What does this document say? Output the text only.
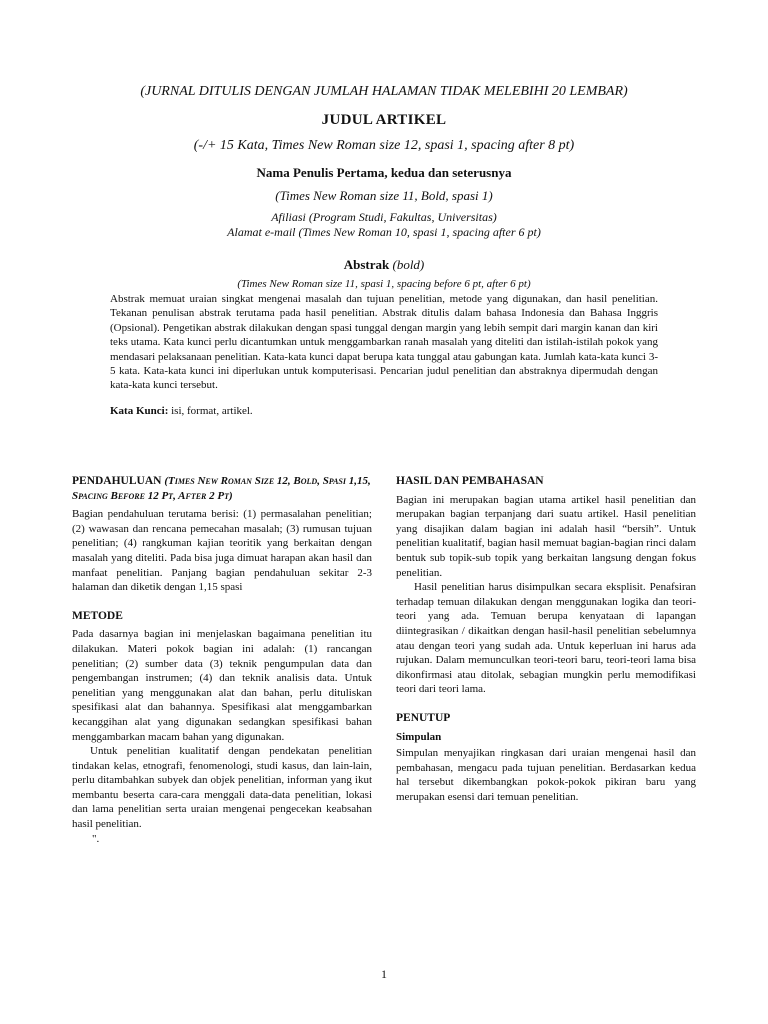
(JURNAL DITULIS DENGAN JUMLAH HALAMAN TIDAK MELEBIHI 20 LEMBAR)
JUDUL ARTIKEL
(-/+ 15 Kata, Times New Roman size 12, spasi 1, spacing after 8 pt)
Nama Penulis Pertama, kedua dan seterusnya
(Times New Roman size 11, Bold, spasi 1)
Afiliasi (Program Studi, Fakultas, Universitas)
Alamat e-mail (Times New Roman 10, spasi 1, spacing after 6 pt)
Abstrak (bold)
(Times New Roman size 11, spasi 1, spacing before 6 pt, after 6 pt)

Abstrak memuat uraian singkat mengenai masalah dan tujuan penelitian, metode yang digunakan, dan hasil penelitian. Tekanan penulisan abstrak terutama pada hasil penelitian. Abstrak ditulis dalam bahasa Indonesia dan Bahasa Inggris (Opsional). Pengetikan abstrak dilakukan dengan spasi tunggal dengan margin yang lebih sempit dari margin kanan dan kiri teks utama. Kata kunci perlu dicantumkan untuk menggambarkan ranah masalah yang diteliti dan istilah-istilah pokok yang mendasari pelaksanaan penelitian. Kata-kata kunci dapat berupa kata tunggal atau gabungan kata. Jumlah kata-kata kunci 3-5 kata. Kata-kata kunci ini diperlukan untuk komputerisasi. Pencarian judul penelitian dan abstraknya dipermudah dengan kata-kata kunci tersebut.

Kata Kunci: isi, format, artikel.
PENDAHULUAN (Times New Roman Size 12, Bold, Spasi 1,15, Spacing Before 12 Pt, After 2 Pt)

Bagian pendahuluan terutama berisi: (1) permasalahan penelitian; (2) wawasan dan rencana pemecahan masalah; (3) rumusan tujuan penelitian; (4) rangkuman kajian teoritik yang berkaitan dengan masalah yang diteliti. Pada bisa juga dimuat harapan akan hasil dan manfaat penelitian. Panjang bagian pendahuluan sekitar 2-3 halaman dan diketik dengan 1,15 spasi

METODE

Pada dasarnya bagian ini menjelaskan bagaimana penelitian itu dilakukan. Materi pokok bagian ini adalah: (1) rancangan penelitian; (2) sumber data (3) teknik pengumpulan data dan pengembangan instrumen; (4) dan teknik analisis data. Untuk penelitian yang menggunakan alat dan bahan, perlu dituliskan spesifikasi alat dan bahannya. Spesifikasi alat menggambarkan kecanggihan alat yang digunakan sedangkan spesifikasi bahan menggambarkan macam bahan yang digunakan.

Untuk penelitian kualitatif dengan pendekatan penelitian tindakan kelas, etnografi, fenomenologi, studi kasus, dan lain-lain, perlu ditambahkan subyek dan objek penelitian, informan yang ikut membantu beserta cara-cara menggali data-data penelitian, lokasi dan lama penelitian serta uraian mengenai pengecekan keabsahan hasil penelitian.

".

HASIL DAN PEMBAHASAN

Bagian ini merupakan bagian utama artikel hasil penelitian dan merupakan bagian terpanjang dari suatu artikel. Hasil penelitian yang disajikan dalam bagian ini adalah hasil “bersih”. Untuk penelitian kualitatif, bagian hasil memuat bagian-bagian rinci dalam bentuk sub topik-sub topik yang berkaitan langsung dengan fokus penelitian.

Hasil penelitian harus disimpulkan secara eksplisit. Penafsiran terhadap temuan dilakukan dengan menggunakan logika dan teori-teori yang ada. Temuan berupa kenyataan di lapangan diintegrasikan / dikaitkan dengan hasil-hasil penelitian sebelumnya atau dengan teori yang sudah ada. Untuk keperluan ini harus ada rujukan. Dalam memunculkan teori-teori baru, teori-teori lama bisa dikonfirmasi atau ditolak, sebagian mungkin perlu memodifikasi teori dari teori lama.

PENUTUP
Simpulan

Simpulan menyajikan ringkasan dari uraian mengenai hasil dan pembahasan, mengacu pada tujuan penelitian. Berdasarkan kedua hal tersebut dikembangkan pokok-pokok pikiran baru yang merupakan esensi dari temuan penelitian.

1
